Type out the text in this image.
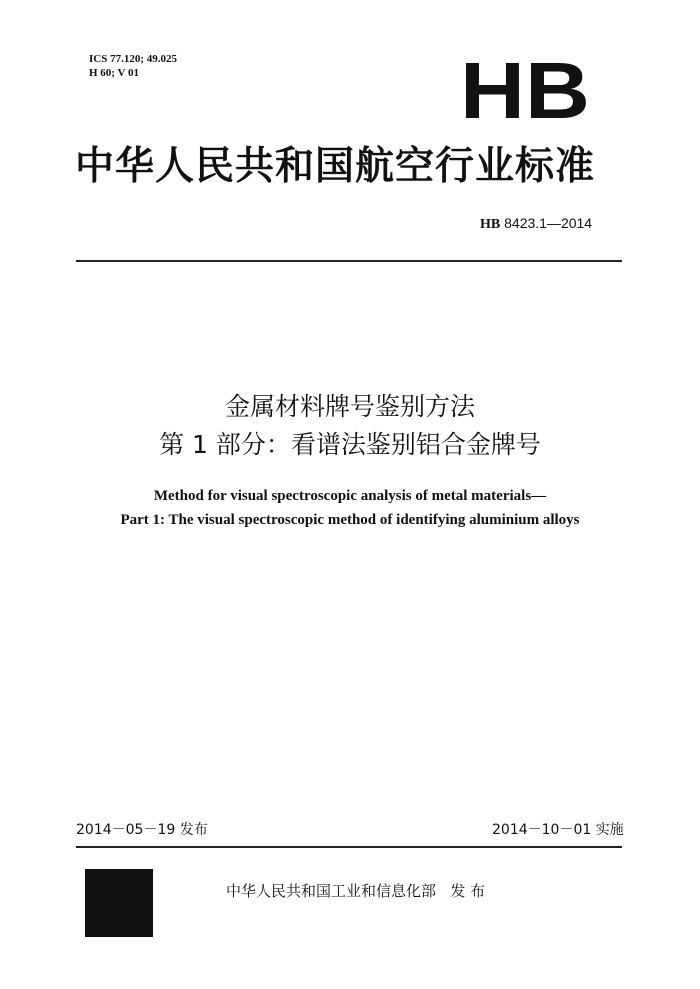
ICS 77.120; 49.025
H 60; V 01	HB
中华人民共和国航空行业标准
HB 8423.1—2014
金属材料牌号鉴别方法
第 1 部分：看谱法鉴别铝合金牌号
Method for visual spectroscopic analysis of metal materials—
Part 1: The visual spectroscopic method of identifying aluminium alloys
2014－05－19 发布	2014－10－01 实施
中华人民共和国工业和信息化部 发 布
